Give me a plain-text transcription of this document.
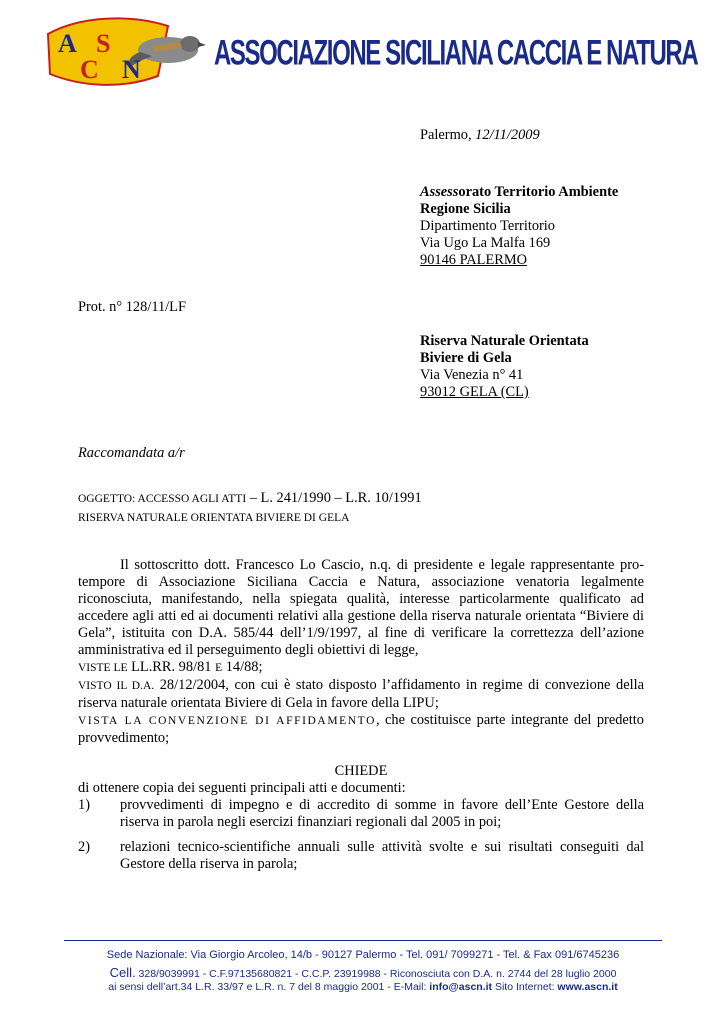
A S
C N	ASSOCIAZIONE SICILIANA CACCIA E NATURA
Palermo, 12/11/2009
Assessorato Territorio Ambiente
Regione Sicilia
Dipartimento Territorio
Via Ugo La Malfa 169
90146 PALERMO
Prot. n° 128/11/LF
Riserva Naturale Orientata
Biviere di Gela
Via Venezia n° 41
93012 GELA (CL)
Raccomandata a/r
OGGETTO: ACCESSO AGLI ATTI – L. 241/1990 – L.R. 10/1991
RISERVA NATURALE ORIENTATA BIVIERE DI GELA

Il sottoscritto dott. Francesco Lo Cascio, n.q. di presidente e legale rappresentante pro-tempore di Associazione Siciliana Caccia e Natura, associazione venatoria legalmente riconosciuta, manifestando, nella spiegata qualità, interesse particolarmente qualificato ad accedere agli atti ed ai documenti relativi alla gestione della riserva naturale orientata “Biviere di Gela”, istituita con D.A. 585/44 dell’1/9/1997, al fine di verificare la correttezza dell’azione amministrativa ed il perseguimento degli obiettivi di legge,

VISTE LE LL.RR. 98/81 E 14/88;

VISTO IL D.A. 28/12/2004, con cui è stato disposto l’affidamento in regime di convezione della riserva naturale orientata Biviere di Gela in favore della LIPU;

VISTA LA CONVENZIONE DI AFFIDAMENTO, che costituisce parte integrante del predetto provvedimento;

CHIEDE

di ottenere copia dei seguenti principali atti e documenti:

1)	provvedimenti di impegno e di accredito di somme in favore dell’Ente Gestore della riserva in parola negli esercizi finanziari regionali dal 2005 in poi;

2)	relazioni tecnico-scientifiche annuali sulle attività svolte e sui risultati conseguiti dal Gestore della riserva in parola;

Sede Nazionale: Via Giorgio Arcoleo, 14/b - 90127 Palermo - Tel. 091/ 7099271 - Tel. & Fax 091/6745236
Cell. 328/9039991 - C.F.97135680821 - C.C.P. 23919988 - Riconosciuta con D.A. n. 2744 del 28 luglio 2000
ai sensi dell’art.34 L.R. 33/97 e L.R. n. 7 del 8 maggio 2001 - E-Mail: info@ascn.it Sito Internet: www.ascn.it
